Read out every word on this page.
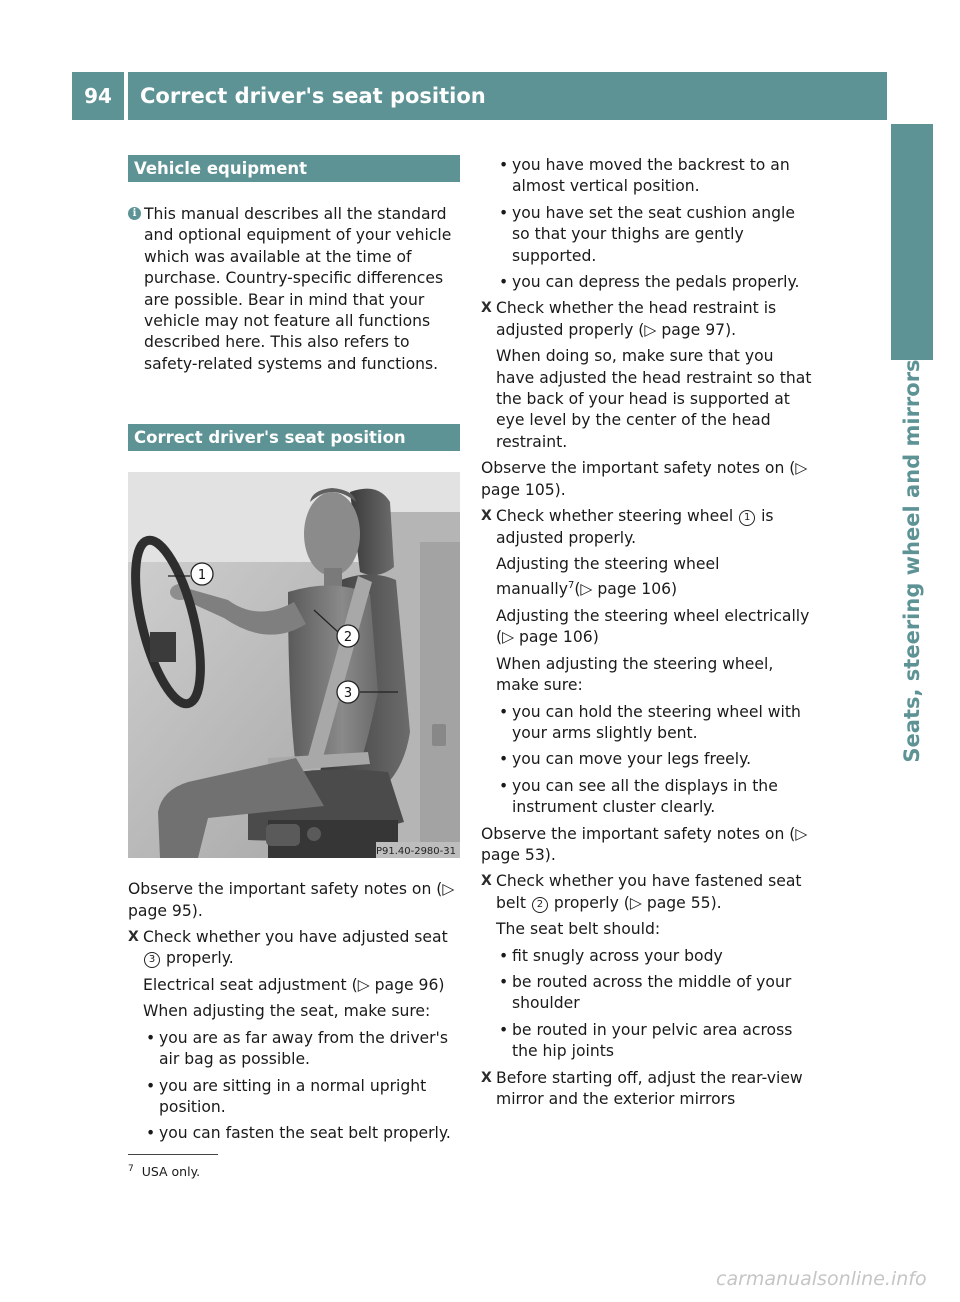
94	Correct driver's seat position
Seats, steering wheel and mirrors
Vehicle equipment
i This manual describes all the standard and optional equipment of your vehicle which was available at the time of purchase. Country-specific differences are possible. Bear in mind that your vehicle may not feature all functions described here. This also refers to safety-related systems and functions.

Correct driver's seat position
1
2
3
P91.40-2980-31

Observe the important safety notes on (▷ page 95).

X Check whether you have adjusted seat 3 properly.

Electrical seat adjustment (▷ page 96)

When adjusting the seat, make sure:

• you are as far away from the driver's air bag as possible.
• you are sitting in a normal upright position.
• you can fasten the seat belt properly.
• you have moved the backrest to an almost vertical position.
• you have set the seat cushion angle so that your thighs are gently supported.
• you can depress the pedals properly.
X Check whether the head restraint is adjusted properly (▷ page 97).

When doing so, make sure that you have adjusted the head restraint so that the back of your head is supported at eye level by the center of the head restraint.

Observe the important safety notes on (▷ page 105).

X Check whether steering wheel 1 is adjusted properly.

Adjusting the steering wheel manually$^7$(▷ page 106)

Adjusting the steering wheel electrically (▷ page 106)

When adjusting the steering wheel, make sure:

• you can hold the steering wheel with your arms slightly bent.
• you can move your legs freely.
• you can see all the displays in the instrument cluster clearly.

Observe the important safety notes on (▷ page 53).

X Check whether you have fastened seat belt 2 properly (▷ page 55).

The seat belt should:

• fit snugly across your body
• be routed across the middle of your shoulder
• be routed in your pelvic area across the hip joints
X Before starting off, adjust the rear-view mirror and the exterior mirrors
$^7$ USA only.
carmanualsonline.info
